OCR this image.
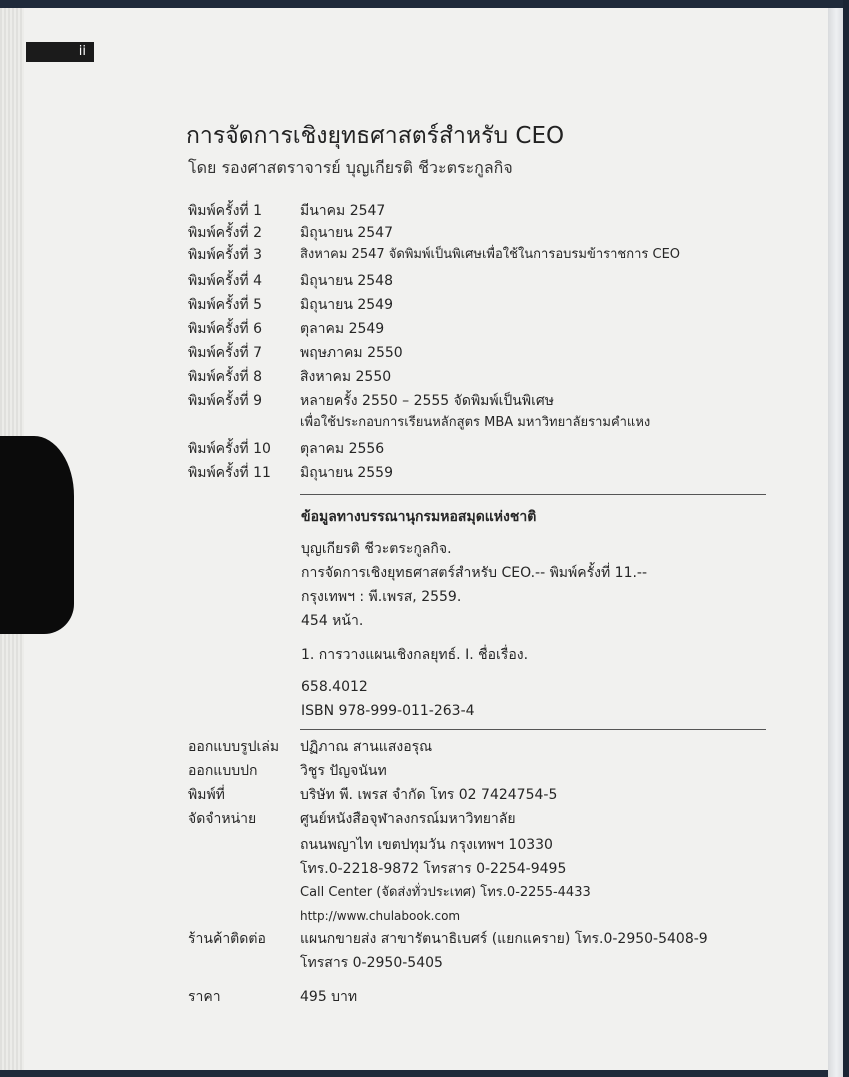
ii
การจัดการเชิงยุทธศาสตร์สำหรับ CEO
โดย รองศาสตราจารย์ บุญเกียรติ ชีวะตระกูลกิจ
พิมพ์ครั้งที่ 1	มีนาคม 2547
พิมพ์ครั้งที่ 2	มิถุนายน 2547
พิมพ์ครั้งที่ 3	สิงหาคม 2547 จัดพิมพ์เป็นพิเศษเพื่อใช้ในการอบรมข้าราชการ CEO
พิมพ์ครั้งที่ 4	มิถุนายน 2548
พิมพ์ครั้งที่ 5	มิถุนายน 2549
พิมพ์ครั้งที่ 6	ตุลาคม 2549
พิมพ์ครั้งที่ 7	พฤษภาคม 2550
พิมพ์ครั้งที่ 8	สิงหาคม 2550
พิมพ์ครั้งที่ 9	หลายครั้ง 2550 – 2555 จัดพิมพ์เป็นพิเศษ
เพื่อใช้ประกอบการเรียนหลักสูตร MBA มหาวิทยาลัยรามคำแหง
พิมพ์ครั้งที่ 10	ตุลาคม 2556
พิมพ์ครั้งที่ 11	มิถุนายน 2559
ข้อมูลทางบรรณานุกรมหอสมุดแห่งชาติ
บุญเกียรติ ชีวะตระกูลกิจ.
การจัดการเชิงยุทธศาสตร์สำหรับ CEO.-- พิมพ์ครั้งที่ 11.--
กรุงเทพฯ : พี.เพรส, 2559.
454 หน้า.
1. การวางแผนเชิงกลยุทธ์. I. ชื่อเรื่อง.
658.4012
ISBN 978-999-011-263-4
ออกแบบรูปเล่ม	ปฏิภาณ สานแสงอรุณ
ออกแบบปก	วิชูร ปัญจนันท
พิมพ์ที่	บริษัท พี. เพรส จำกัด โทร 02 7424754-5
จัดจำหน่าย	ศูนย์หนังสือจุฬาลงกรณ์มหาวิทยาลัย
ถนนพญาไท เขตปทุมวัน กรุงเทพฯ 10330
โทร.0-2218-9872 โทรสาร 0-2254-9495
Call Center (จัดส่งทั่วประเทศ) โทร.0-2255-4433
http://www.chulabook.com
ร้านค้าติดต่อ	แผนกขายส่ง สาขารัตนาธิเบศร์ (แยกแคราย) โทร.0-2950-5408-9
โทรสาร 0-2950-5405
ราคา	495 บาท
